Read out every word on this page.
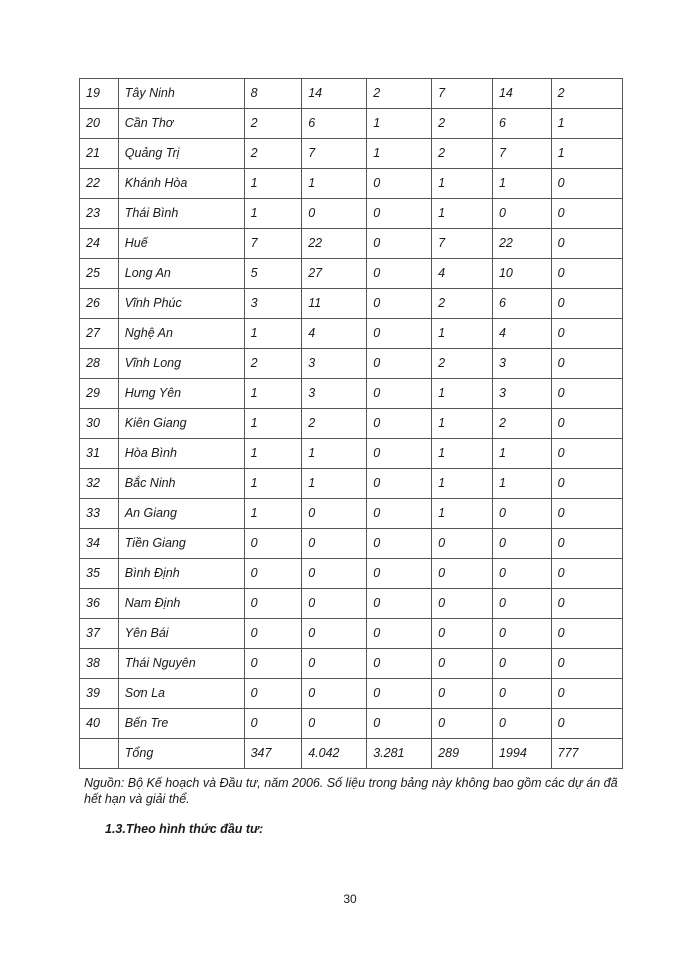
19	Tây Ninh	8	14	2	7	14	2
20	Cần Thơ	2	6	1	2	6	1
21	Quảng Trị	2	7	1	2	7	1
22	Khánh Hòa	1	1	0	1	1	0
23	Thái Bình	1	0	0	1	0	0
24	Huế	7	22	0	7	22	0
25	Long An	5	27	0	4	10	0
26	Vĩnh Phúc	3	11	0	2	6	0
27	Nghệ An	1	4	0	1	4	0
28	Vĩnh Long	2	3	0	2	3	0
29	Hưng Yên	1	3	0	1	3	0
30	Kiên Giang	1	2	0	1	2	0
31	Hòa Bình	1	1	0	1	1	0
32	Bắc Ninh	1	1	0	1	1	0
33	An Giang	1	0	0	1	0	0
34	Tiền Giang	0	0	0	0	0	0
35	Bình Định	0	0	0	0	0	0
36	Nam Định	0	0	0	0	0	0
37	Yên Bái	0	0	0	0	0	0
38	Thái Nguyên	0	0	0	0	0	0
39	Sơn La	0	0	0	0	0	0
40	Bến Tre	0	0	0	0	0	0
	Tổng	347	4.042	3.281	289	1994	777
Nguồn: Bộ Kế hoạch và Đầu tư, năm 2006. Số liệu trong bảng này không bao gồm các dự án đã hết hạn và giải thể.
1.3.Theo hình thức đầu tư:
30
